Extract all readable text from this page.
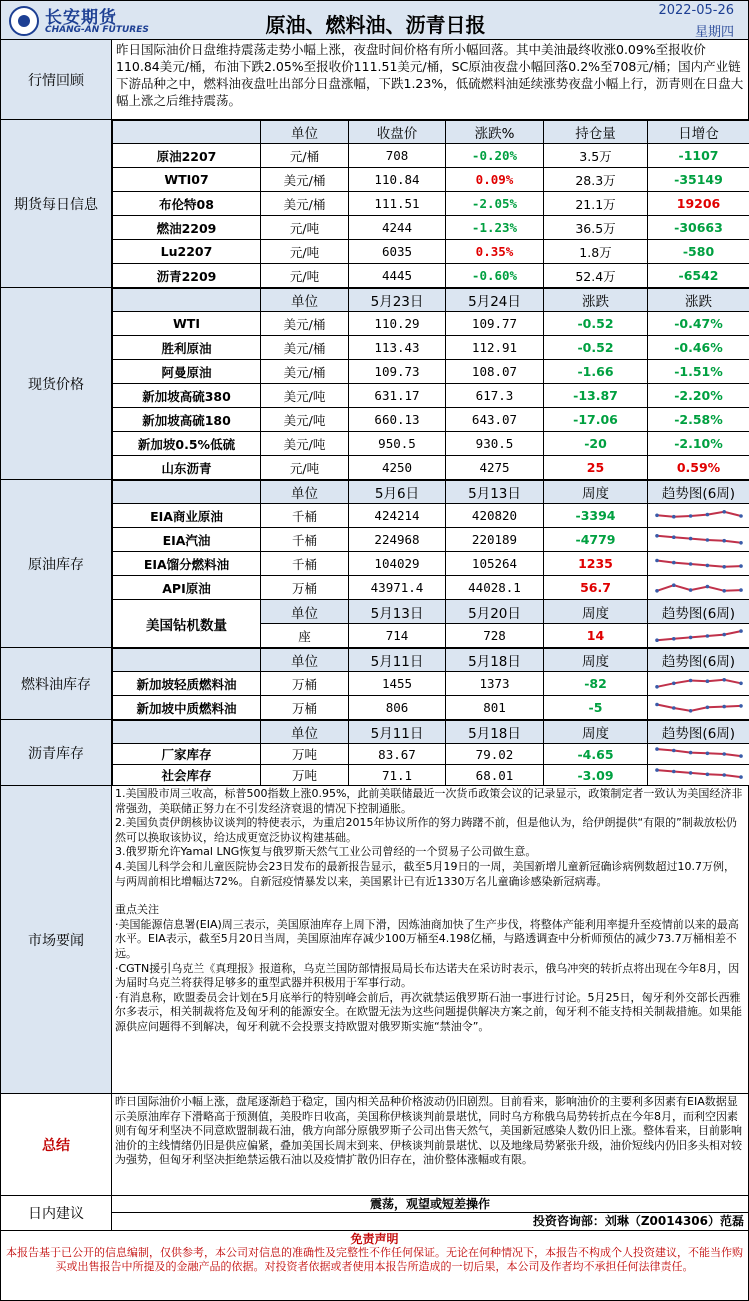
长安期货
CHANG-AN FUTURES	原油、燃料油、沥青日报
2022-05-26
星期四
行情回顾
昨日国际油价日盘维持震荡走势小幅上涨，夜盘时间价格有所小幅回落。其中美油最终收涨0.09%至报收价110.84美元/桶，布油下跌2.05%至报收价111.51美元/桶，SC原油夜盘小幅回落0.2%至708元/桶；国内产业链下游品种之中，燃料油夜盘吐出部分日盘涨幅，下跌1.23%，低硫燃料油延续涨势夜盘小幅上行，沥青则在日盘大幅上涨之后维持震荡。
期货每日信息
	单位	收盘价	涨跌%	持仓量	日增仓
原油2207	元/桶	708	-0.20%	3.5万	-1107
WTI07	美元/桶	110.84	0.09%	28.3万	-35149
布伦特08	美元/桶	111.51	-2.05%	21.1万	19206
燃油2209	元/吨	4244	-1.23%	36.5万	-30663
Lu2207	元/吨	6035	0.35%	1.8万	-580
沥青2209	元/吨	4445	-0.60%	52.4万	-6542
现货价格
	单位	5月23日	5月24日	涨跌	涨跌
WTI	美元/桶	110.29	109.77	-0.52	-0.47%
胜利原油	美元/桶	113.43	112.91	-0.52	-0.46%
阿曼原油	美元/桶	109.73	108.07	-1.66	-1.51%
新加坡高硫380	美元/吨	631.17	617.3	-13.87	-2.20%
新加坡高硫180	美元/吨	660.13	643.07	-17.06	-2.58%
新加坡0.5%低硫	美元/吨	950.5	930.5	-20	-2.10%
山东沥青	元/吨	4250	4275	25	0.59%
原油库存
	单位	5月6日	5月13日	周度	趋势图(6周)
EIA商业原油	千桶	424214	420820	-3394	

EIA汽油	千桶	224968	220189	-4779	

EIA馏分燃料油	千桶	104029	105264	1235	

API原油	万桶	43971.4	44028.1	56.7	

美国钻机数量	单位	5月13日	5月20日	周度	趋势图(6周)
	座	714	728	14	
燃料油库存
	单位	5月11日	5月18日	周度	趋势图(6周)
新加坡轻质燃料油	万桶	1455	1373	-82	

新加坡中质燃料油	万桶	806	801	-5	
沥青库存
	单位	5月11日	5月18日	周度	趋势图(6周)
厂家库存	万吨	83.67	79.02	-4.65	

社会库存	万吨	71.1	68.01	-3.09	
市场要闻
1.美国股市周三收高，标普500指数上涨0.95%，此前美联储最近一次货币政策会议的记录显示，政策制定者一致认为美国经济非常强劲，美联储正努力在不引发经济衰退的情况下控制通胀。
2.美国负责伊朗核协议谈判的特使表示，为重启2015年协议所作的努力踌躇不前，但是他认为，给伊朗提供“有限的”制裁放松仍然可以换取该协议，给达成更宽泛协议构建基础。
3.俄罗斯允许Yamal LNG恢复与俄罗斯天然气工业公司曾经的一个贸易子公司做生意。
4.美国儿科学会和儿童医院协会23日发布的最新报告显示，截至5月19日的一周，美国新增儿童新冠确诊病例数超过10.7万例，与两周前相比增幅达72%。自新冠疫情暴发以来，美国累计已有近1330万名儿童确诊感染新冠病毒。
重点关注
·美国能源信息署(EIA)周三表示，美国原油库存上周下滑，因炼油商加快了生产步伐，将整体产能利用率提升至疫情前以来的最高水平。EIA表示，截至5月20日当周，美国原油库存减少100万桶至4.198亿桶，与路透调查中分析师预估的减少73.7万桶相差不远。
·CGTN援引乌克兰《真理报》报道称，乌克兰国防部情报局局长布达诺夫在采访时表示，俄乌冲突的转折点将出现在今年8月，因为届时乌克兰将获得足够多的重型武器并积极用于军事行动。
·有消息称，欧盟委员会计划在5月底举行的特别峰会前后，再次就禁运俄罗斯石油一事进行讨论。5月25日，匈牙利外交部长西雅尔多表示，相关制裁将危及匈牙利的能源安全。在欧盟无法为这些问题提供解决方案之前，匈牙利不能支持相关制裁措施。如果能源供应问题得不到解决，匈牙利就不会投票支持欧盟对俄罗斯实施“禁油令”。
总结
昨日国际油价小幅上涨，盘尾逐渐趋于稳定，国内相关品种价格波动仍旧剧烈。目前看来，影响油价的主要利多因素有EIA数据显示美原油库存下滑略高于预测值，美股昨日收高，美国称伊核谈判前景堪忧，同时乌方称俄乌局势转折点在今年8月，而利空因素则有匈牙利坚决不同意欧盟制裁石油，俄方向部分原俄罗斯子公司出售天然气，美国新冠感染人数仍旧上涨。整体看来，目前影响油价的主线情绪仍旧是供应偏紧，叠加美国长周末到来、伊核谈判前景堪忧、以及地缘局势紧张升级，油价短线内仍旧多头相对较为强势，但匈牙利坚决拒绝禁运俄石油以及疫情扩散仍旧存在，油价整体涨幅或有限。
日内建议
震荡，观望或短差操作
投资咨询部：刘琳（Z0014306）范磊
免责声明
本报告基于已公开的信息编制，仅供参考，本公司对信息的准确性及完整性不作任何保证。无论在何种情况下，本报告不构成个人投资建议，不能当作购买或出售报告中所提及的金融产品的依据。对投资者依据或者使用本报告所造成的一切后果，本公司及作者均不承担任何法律责任。
